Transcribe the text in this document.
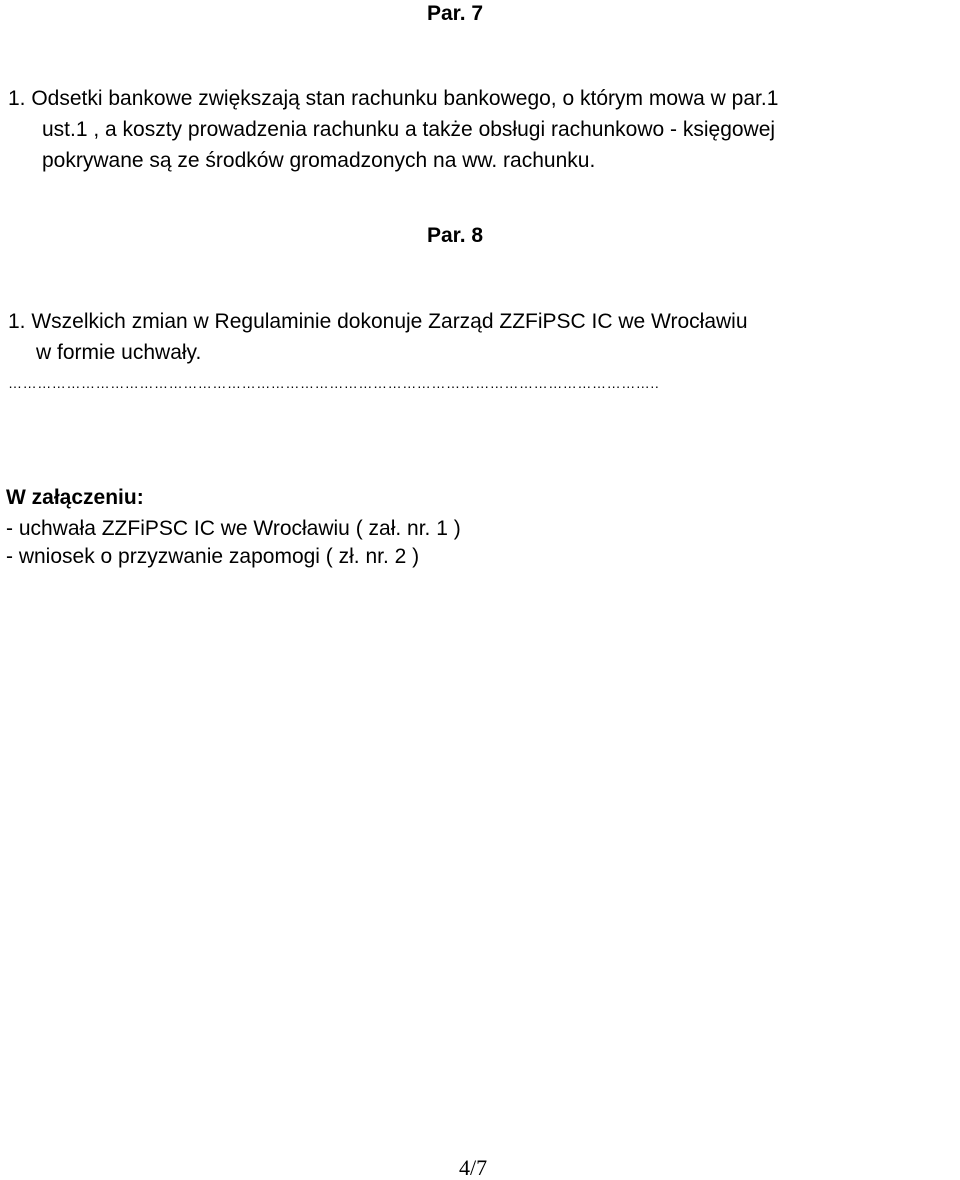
Par. 7
1. Odsetki bankowe zwiększają stan rachunku bankowego, o którym mowa w par.1
ust.1 , a koszty prowadzenia rachunku a także obsługi rachunkowo - księgowej
pokrywane są ze środków gromadzonych na ww. rachunku.
Par. 8
1. Wszelkich zmian w Regulaminie dokonuje Zarząd ZZFiPSC IC we Wrocławiu
w formie uchwały.
……………………………………………………………………………………………………………………..
W załączeniu:
- uchwała ZZFiPSC IC we Wrocławiu ( zał. nr. 1 )
- wniosek o przyzwanie zapomogi ( zł. nr. 2 )
4/7
